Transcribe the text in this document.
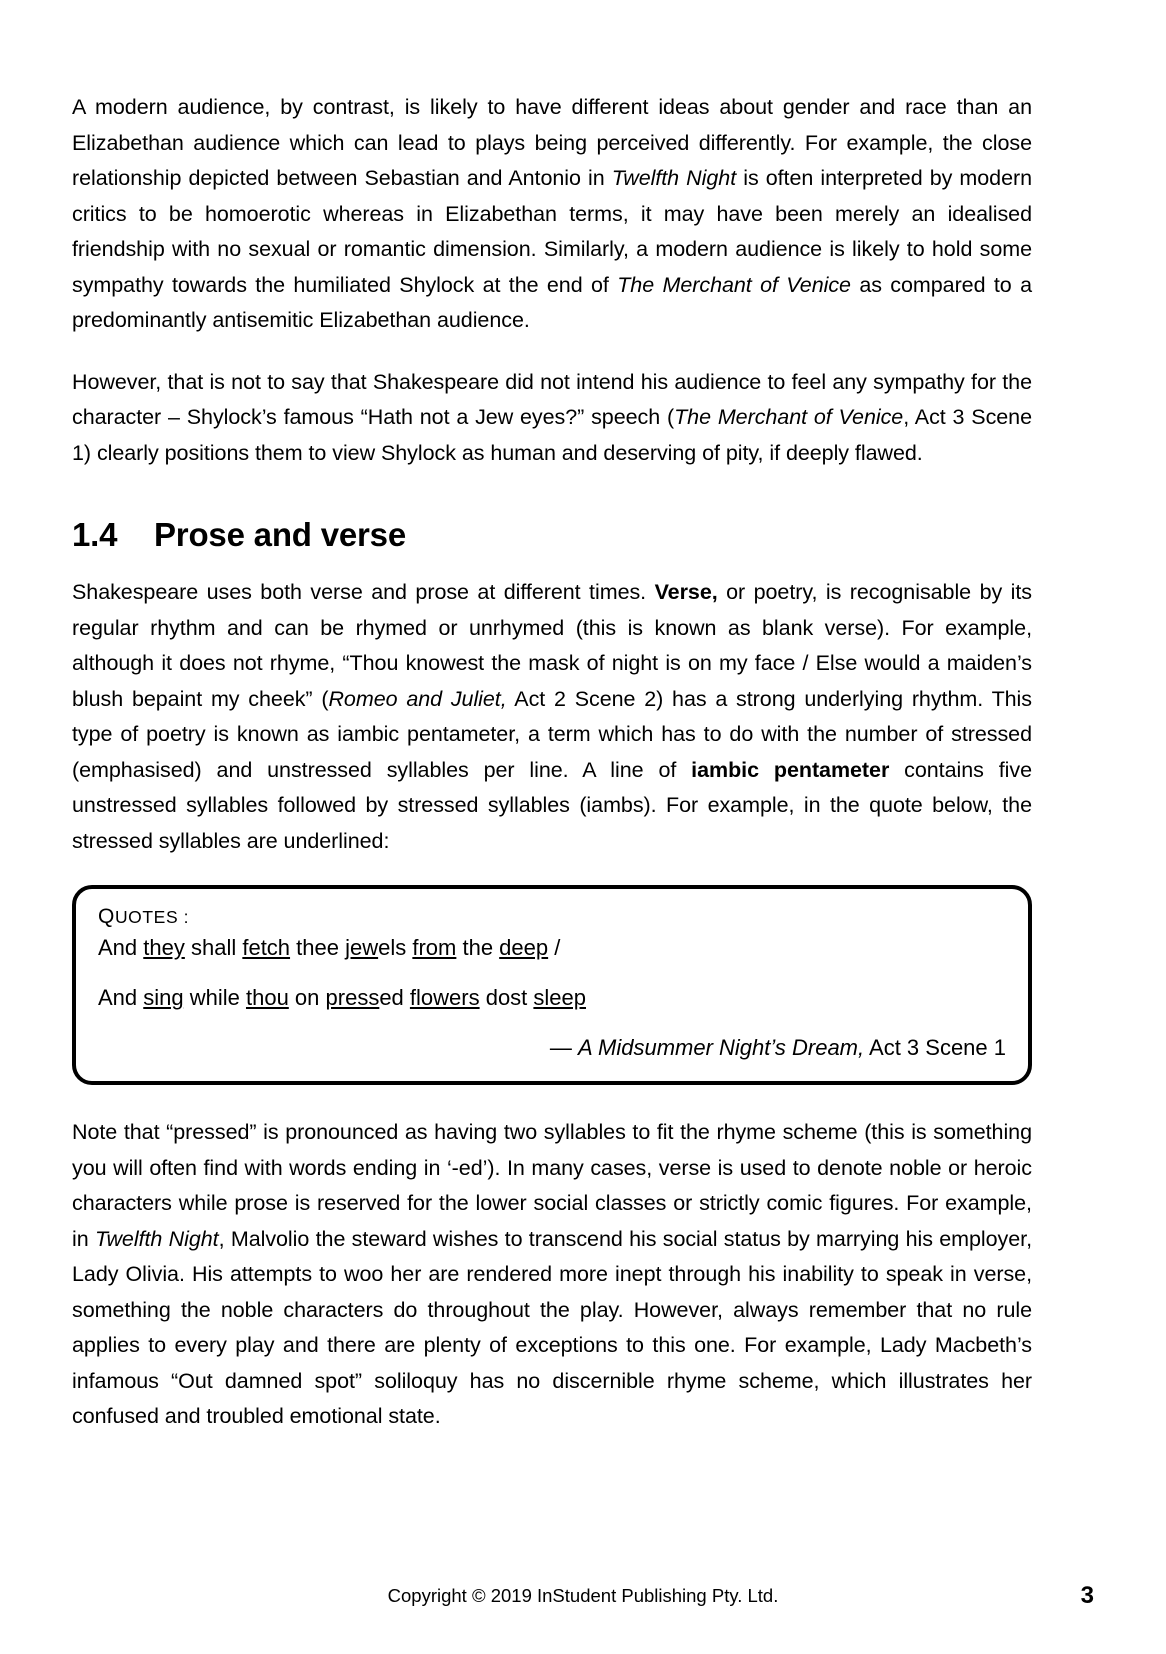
A modern audience, by contrast, is likely to have different ideas about gender and race than an Elizabethan audience which can lead to plays being perceived differently. For example, the close relationship depicted between Sebastian and Antonio in Twelfth Night is often interpreted by modern critics to be homoerotic whereas in Elizabethan terms, it may have been merely an idealised friendship with no sexual or romantic dimension. Similarly, a modern audience is likely to hold some sympathy towards the humiliated Shylock at the end of The Merchant of Venice as compared to a predominantly antisemitic Elizabethan audience.

However, that is not to say that Shakespeare did not intend his audience to feel any sympathy for the character – Shylock’s famous “Hath not a Jew eyes?” speech (The Merchant of Venice, Act 3 Scene 1) clearly positions them to view Shylock as human and deserving of pity, if deeply flawed.

1.4	Prose and verse

Shakespeare uses both verse and prose at different times. Verse, or poetry, is recognisable by its regular rhythm and can be rhymed or unrhymed (this is known as blank verse). For example, although it does not rhyme, “Thou knowest the mask of night is on my face / Else would a maiden’s blush bepaint my cheek” (Romeo and Juliet, Act 2 Scene 2) has a strong underlying rhythm. This type of poetry is known as iambic pentameter, a term which has to do with the number of stressed (emphasised) and unstressed syllables per line. A line of iambic pentameter contains five unstressed syllables followed by stressed syllables (iambs). For example, in the quote below, the stressed syllables are underlined:

QUOTES :
And they shall fetch thee jewels from the deep /
And sing while thou on pressed flowers dost sleep
— A Midsummer Night’s Dream, Act 3 Scene 1

Note that “pressed” is pronounced as having two syllables to fit the rhyme scheme (this is something you will often find with words ending in ‘-ed’). In many cases, verse is used to denote noble or heroic characters while prose is reserved for the lower social classes or strictly comic figures. For example, in Twelfth Night, Malvolio the steward wishes to transcend his social status by marrying his employer, Lady Olivia. His attempts to woo her are rendered more inept through his inability to speak in verse, something the noble characters do throughout the play. However, always remember that no rule applies to every play and there are plenty of exceptions to this one. For example, Lady Macbeth’s infamous “Out damned spot” soliloquy has no discernible rhyme scheme, which illustrates her confused and troubled emotional state.

Copyright © 2019 InStudent Publishing Pty. Ltd.	3
